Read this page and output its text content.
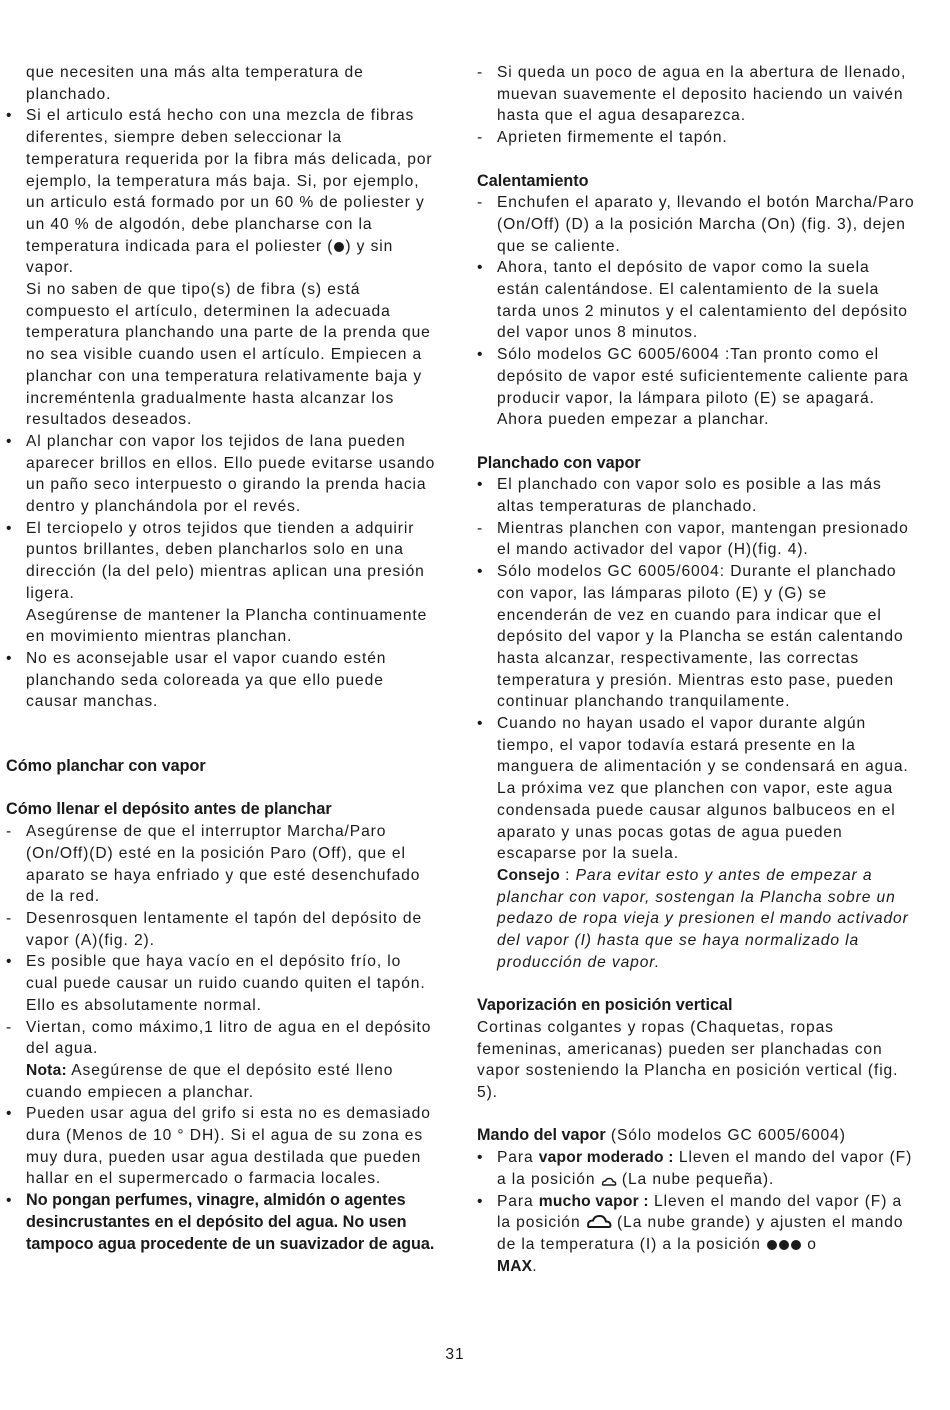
que necesiten una más alta temperatura de planchado.

• Si el articulo está hecho con una mezcla de fibras diferentes, siempre deben seleccionar la temperatura requerida por la fibra más delicada, por ejemplo, la temperatura más baja. Si, por ejemplo, un articulo está formado por un 60 % de poliester y un 40 % de algodón, debe plancharse con la temperatura indicada para el poliester ( ) y sin vapor.

Si no saben de que tipo(s) de fibra (s) está compuesto el artículo, determinen la adecuada temperatura planchando una parte de la prenda que no sea visible cuando usen el artículo. Empiecen a planchar con una temperatura relativamente baja y increméntenla gradualmente hasta alcanzar los resultados deseados.

• Al planchar con vapor los tejidos de lana pueden aparecer brillos en ellos. Ello puede evitarse usando un paño seco interpuesto o girando la prenda hacia dentro y planchándola por el revés.
• El terciopelo y otros tejidos que tienden a adquirir puntos brillantes, deben plancharlos solo en una dirección (la del pelo) mientras aplican una presión ligera.

Asegúrense de mantener la Plancha continuamente en movimiento mientras planchan.

• No es aconsejable usar el vapor cuando estén planchando seda coloreada ya que ello puede causar manchas.

Cómo planchar con vapor

Cómo llenar el depósito antes de planchar

- Asegúrense de que el interruptor Marcha/Paro (On/Off)(D) esté en la posición Paro (Off), que el aparato se haya enfriado y que esté desenchufado de la red.
- Desenrosquen lentamente el tapón del depósito de vapor (A)(fig. 2).
• Es posible que haya vacío en el depósito frío, lo cual puede causar un ruido cuando quiten el tapón.

Ello es absolutamente normal.

- Viertan, como máximo,1 litro de agua en el depósito del agua.

Nota: Asegúrense de que el depósito esté lleno cuando empiecen a planchar.

• Pueden usar agua del grifo si esta no es demasiado dura (Menos de 10 ° DH). Si el agua de su zona es muy dura, pueden usar agua destilada que pueden hallar en el supermercado o farmacia locales.
• No pongan perfumes, vinagre, almidón o agentes desincrustantes en el depósito del agua. No usen tampoco agua procedente de un suavizador de agua.
- Si queda un poco de agua en la abertura de llenado, muevan suavemente el deposito haciendo un vaivén hasta que el agua desaparezca.
- Aprieten firmemente el tapón.

Calentamiento

- Enchufen el aparato y, llevando el botón Marcha/Paro (On/Off) (D) a la posición Marcha (On) (fig. 3), dejen que se caliente.
• Ahora, tanto el depósito de vapor como la suela están calentándose. El calentamiento de la suela tarda unos 2 minutos y el calentamiento del depósito del vapor unos 8 minutos.
• Sólo modelos GC 6005/6004 :Tan pronto como el depósito de vapor esté suficientemente caliente para producir vapor, la lámpara piloto (E) se apagará. Ahora pueden empezar a planchar.

Planchado con vapor

• El planchado con vapor solo es posible a las más altas temperaturas de planchado.
- Mientras planchen con vapor, mantengan presionado el mando activador del vapor (H)(fig. 4).
• Sólo modelos GC 6005/6004: Durante el planchado con vapor, las lámparas piloto (E) y (G) se encenderán de vez en cuando para indicar que el depósito del vapor y la Plancha se están calentando hasta alcanzar, respectivamente, las correctas temperatura y presión. Mientras esto pase, pueden continuar planchando tranquilamente.
• Cuando no hayan usado el vapor durante algún tiempo, el vapor todavía estará presente en la manguera de alimentación y se condensará en agua. La próxima vez que planchen con vapor, este agua condensada puede causar algunos balbuceos en el aparato y unas pocas gotas de agua pueden escaparse por la suela.

Consejo : Para evitar esto y antes de empezar a planchar con vapor, sostengan la Plancha sobre un pedazo de ropa vieja y presionen el mando activador del vapor (I) hasta que se haya normalizado la producción de vapor.

Vaporización en posición vertical

Cortinas colgantes y ropas (Chaquetas, ropas femeninas, americanas) pueden ser planchadas con vapor sosteniendo la Plancha en posición vertical (fig. 5).

Mando del vapor (Sólo modelos GC 6005/6004)

• Para vapor moderado : Lleven el mando del vapor (F) a la posición  (La nube pequeña).
• Para mucho vapor : Lleven el mando del vapor (F) a la posición  (La nube grande) y ajusten el mando de la temperatura (I) a la posición  o
MAX.
31
